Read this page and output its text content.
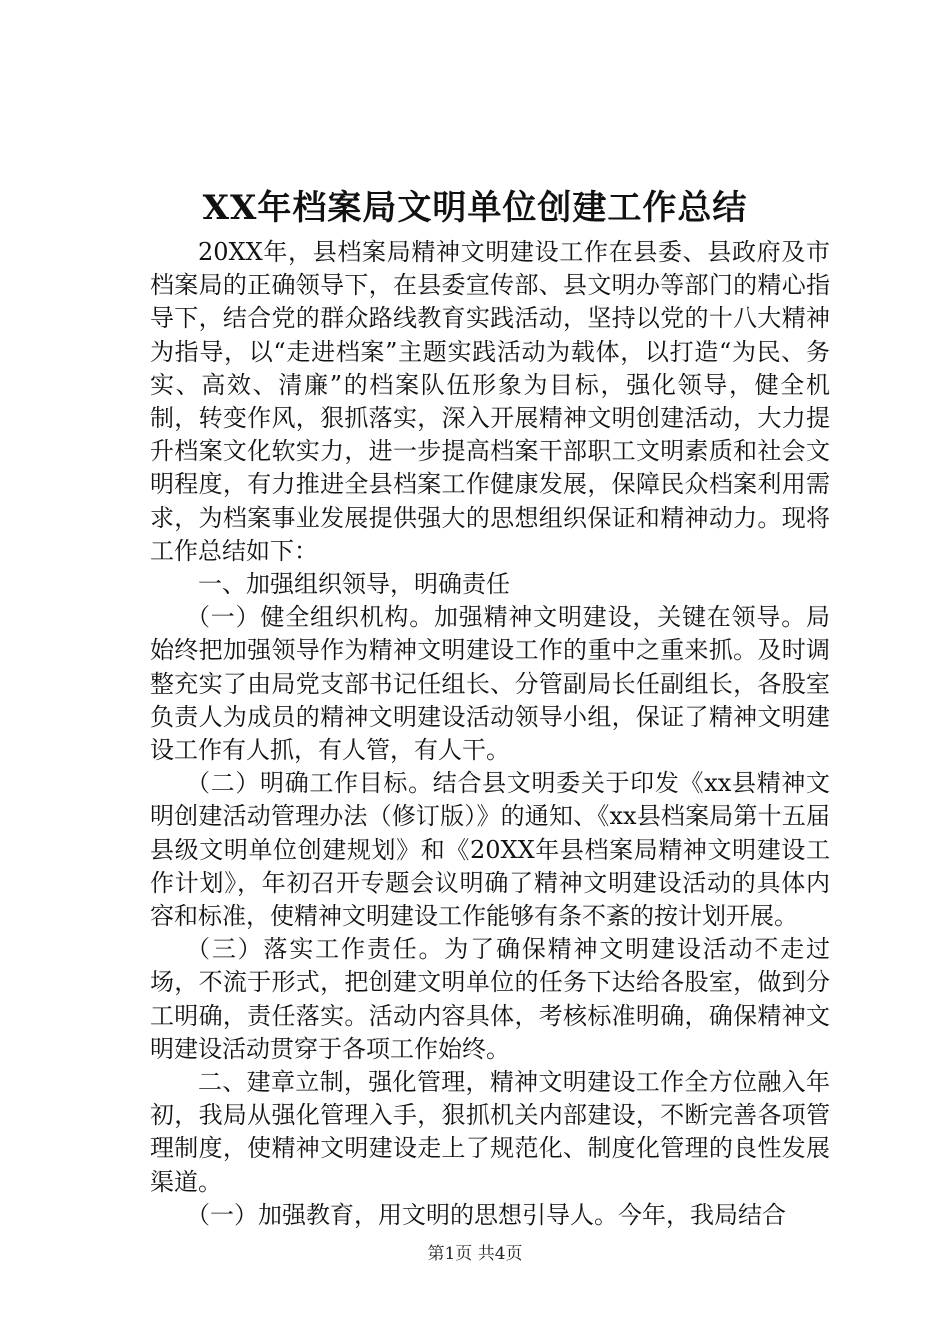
XX年档案局文明单位创建工作总结

20XX年，县档案局精神文明建设工作在县委、县政府及市档案局的正确领导下，在县委宣传部、县文明办等部门的精心指导下，结合党的群众路线教育实践活动，坚持以党的十八大精神为指导，以“走进档案”主题实践活动为载体，以打造“为民、务实、高效、清廉”的档案队伍形象为目标，强化领导，健全机制，转变作风，狠抓落实，深入开展精神文明创建活动，大力提升档案文化软实力，进一步提高档案干部职工文明素质和社会文明程度，有力推进全县档案工作健康发展，保障民众档案利用需求，为档案事业发展提供强大的思想组织保证和精神动力。现将工作总结如下：

一、加强组织领导，明确责任

（一）健全组织机构。加强精神文明建设，关键在领导。局始终把加强领导作为精神文明建设工作的重中之重来抓。及时调整充实了由局党支部书记任组长、分管副局长任副组长，各股室负责人为成员的精神文明建设活动领导小组，保证了精神文明建设工作有人抓，有人管，有人干。

（二）明确工作目标。结合县文明委关于印发《xx县精神文明创建活动管理办法（修订版）》的通知、《xx县档案局第十五届县级文明单位创建规划》和《20XX年县档案局精神文明建设工作计划》，年初召开专题会议明确了精神文明建设活动的具体内容和标准，使精神文明建设工作能够有条不紊的按计划开展。

（三）落实工作责任。为了确保精神文明建设活动不走过场，不流于形式，把创建文明单位的任务下达给各股室，做到分工明确，责任落实。活动内容具体，考核标准明确，确保精神文明建设活动贯穿于各项工作始终。

二、建章立制，强化管理，精神文明建设工作全方位融入年初，我局从强化管理入手，狠抓机关内部建设，不断完善各项管理制度，使精神文明建设走上了规范化、制度化管理的良性发展渠道。

（一）加强教育，用文明的思想引导人。今年，我局结合

第1页 共4页
